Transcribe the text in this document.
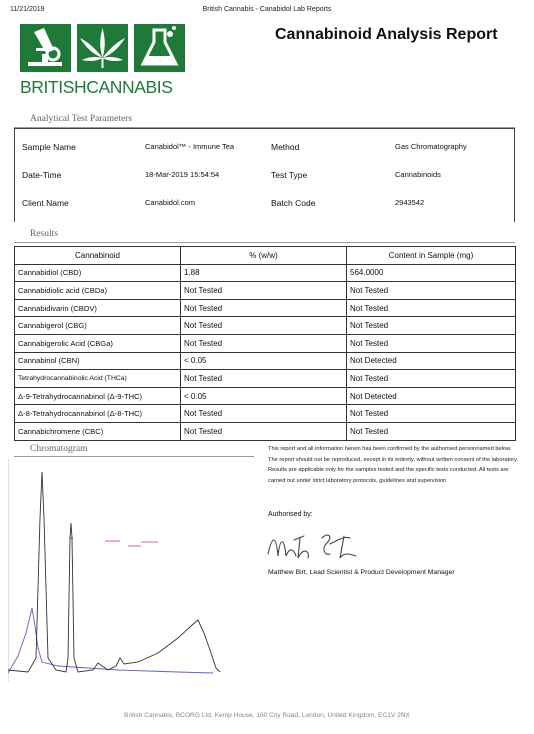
11/21/2019	British Cannabis - Canabidol Lab Reports
BRITISHCANNABIS
Cannabinoid Analysis Report
Analytical Test Parameters
Sample Name	Canabidol™ - Immune Tea	Method	Gas Chromatography
Date-Time	18-Mar-2019 15:54:54	Test Type	Cannabinoids
Client Name	Canabidol.com	Batch Code	2943542
Results
Cannabinoid	% (w/w)	Content in Sample (mg)
Cannabidiol (CBD)	1.88	564.0000
Cannabidiolic acid (CBDa)	Not Tested	Not Tested
Cannabidivarin (CBDV)	Not Tested	Not Tested
Cannabigerol (CBG)	Not Tested	Not Tested
Cannabigerolic Acid (CBGa)	Not Tested	Not Tested
Cannabinol (CBN)	< 0.05	Not Detected
Tetrahydrocannabinolic Acid (THCa)	Not Tested	Not Tested
Δ-9-Tetrahydrocannabinol (Δ-9-THC)	< 0.05	Not Detected
Δ-8-Tetrahydrocannabinol (Δ-8-THC)	Not Tested	Not Tested
Cannabichromene (CBC)	Not Tested	Not Tested
Chromatogram	This report and all information herein has been confirmed by the authorised personnamed below. The report should not be reproduced, except in its entirety, without written consent of the laboratory. Results are applicable only for the samples tested and the specific tests conducted. All tests are carried out under strict laboratory protocols, guidelines and supervision
Authorised by:
Matthew Birt, Lead Scientist & Product Development Manager
British Cannabis, BCORG Ltd, Kemp House, 160 City Road, London, United Kingdom, EC1V 2NX
